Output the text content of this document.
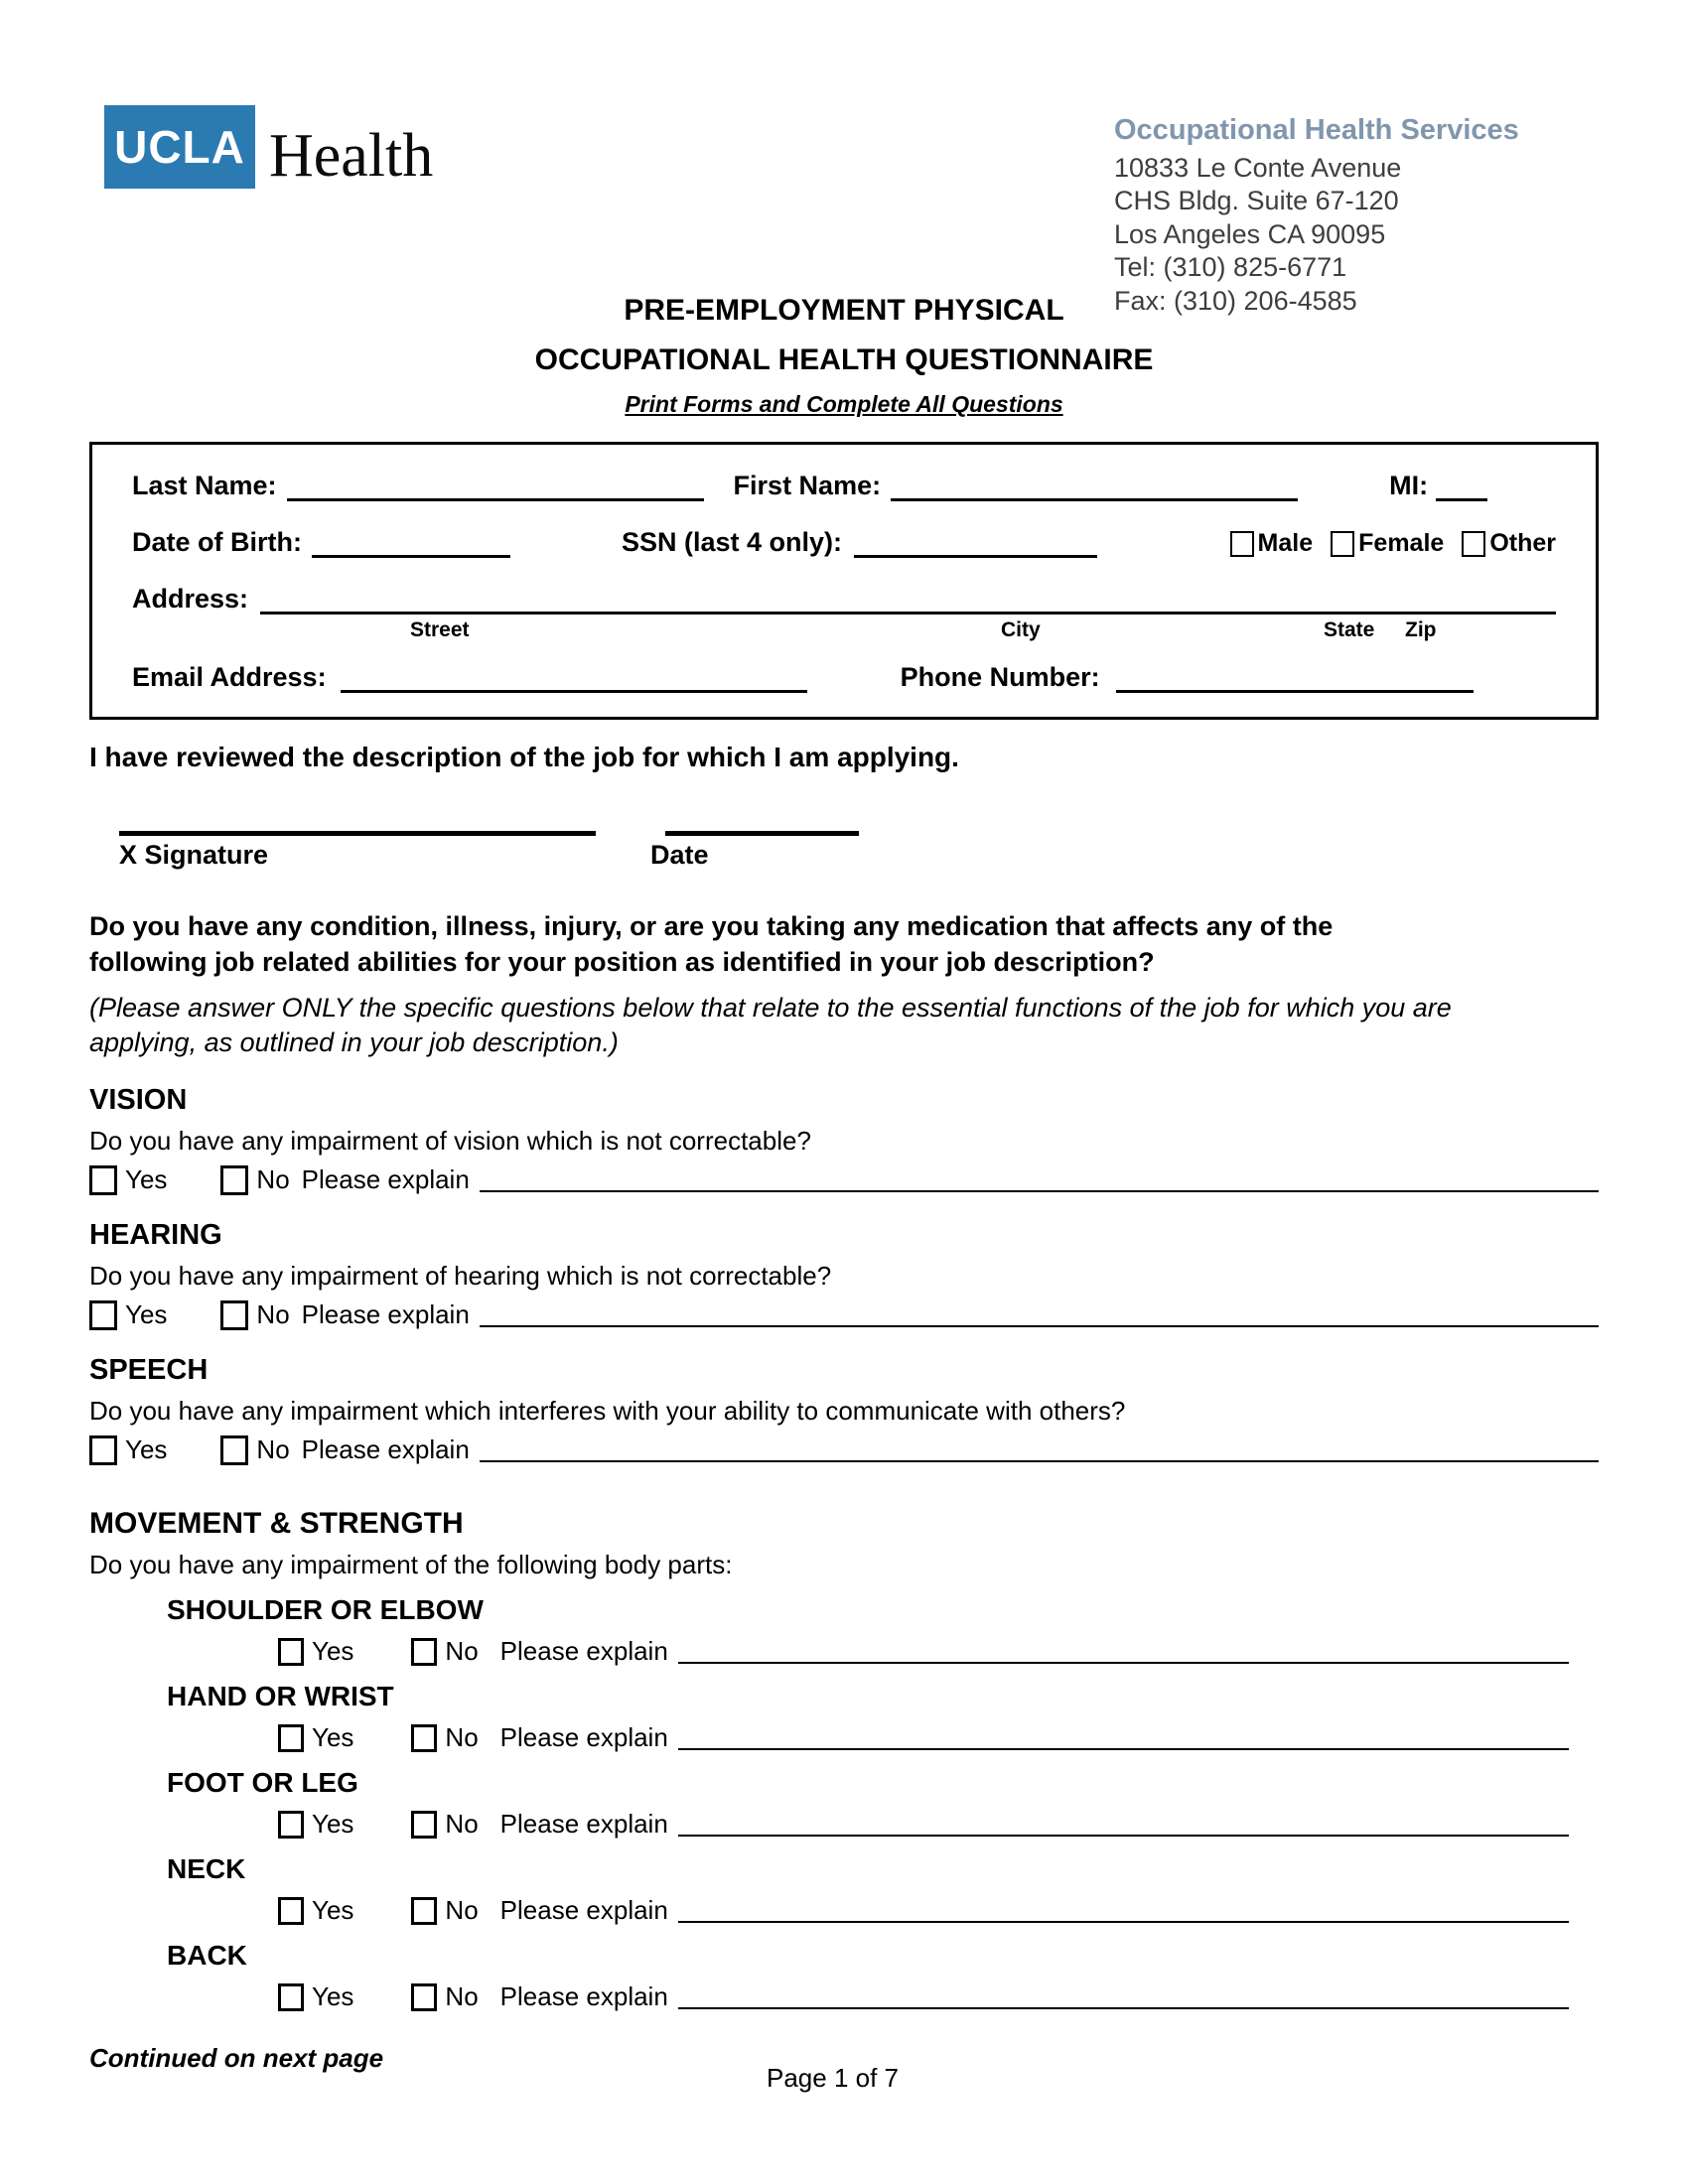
UCLA Health	Occupational Health Services
10833 Le Conte Avenue
CHS Bldg. Suite 67-120
Los Angeles CA 90095
Tel: (310) 825-6771
Fax: (310) 206-4585
PRE-EMPLOYMENT PHYSICAL
OCCUPATIONAL HEALTH QUESTIONNAIRE
Print Forms and Complete All Questions
Last Name:	First Name:	MI:
Date of Birth:	SSN (last 4 only):	Male Female Other
Address:
Street	City	State Zip
Email Address:	Phone Number:
I have reviewed the description of the job for which I am applying.
X Signature	Date
Do you have any condition, illness, injury, or are you taking any medication that affects any of the following job related abilities for your position as identified in your job description?
(Please answer ONLY the specific questions below that relate to the essential functions of the job for which you are applying, as outlined in your job description.)
VISION
Do you have any impairment of vision which is not correctable?
Yes	No Please explain
HEARING
Do you have any impairment of hearing which is not correctable?
Yes	No Please explain
SPEECH
Do you have any impairment which interferes with your ability to communicate with others?
Yes	No Please explain
MOVEMENT & STRENGTH
Do you have any impairment of the following body parts:
SHOULDER OR ELBOW
Yes	No Please explain
HAND OR WRIST
Yes	No Please explain
FOOT OR LEG
Yes	No Please explain
NECK
Yes	No Please explain
BACK
Yes	No Please explain
Continued on next page
Page 1 of 7
